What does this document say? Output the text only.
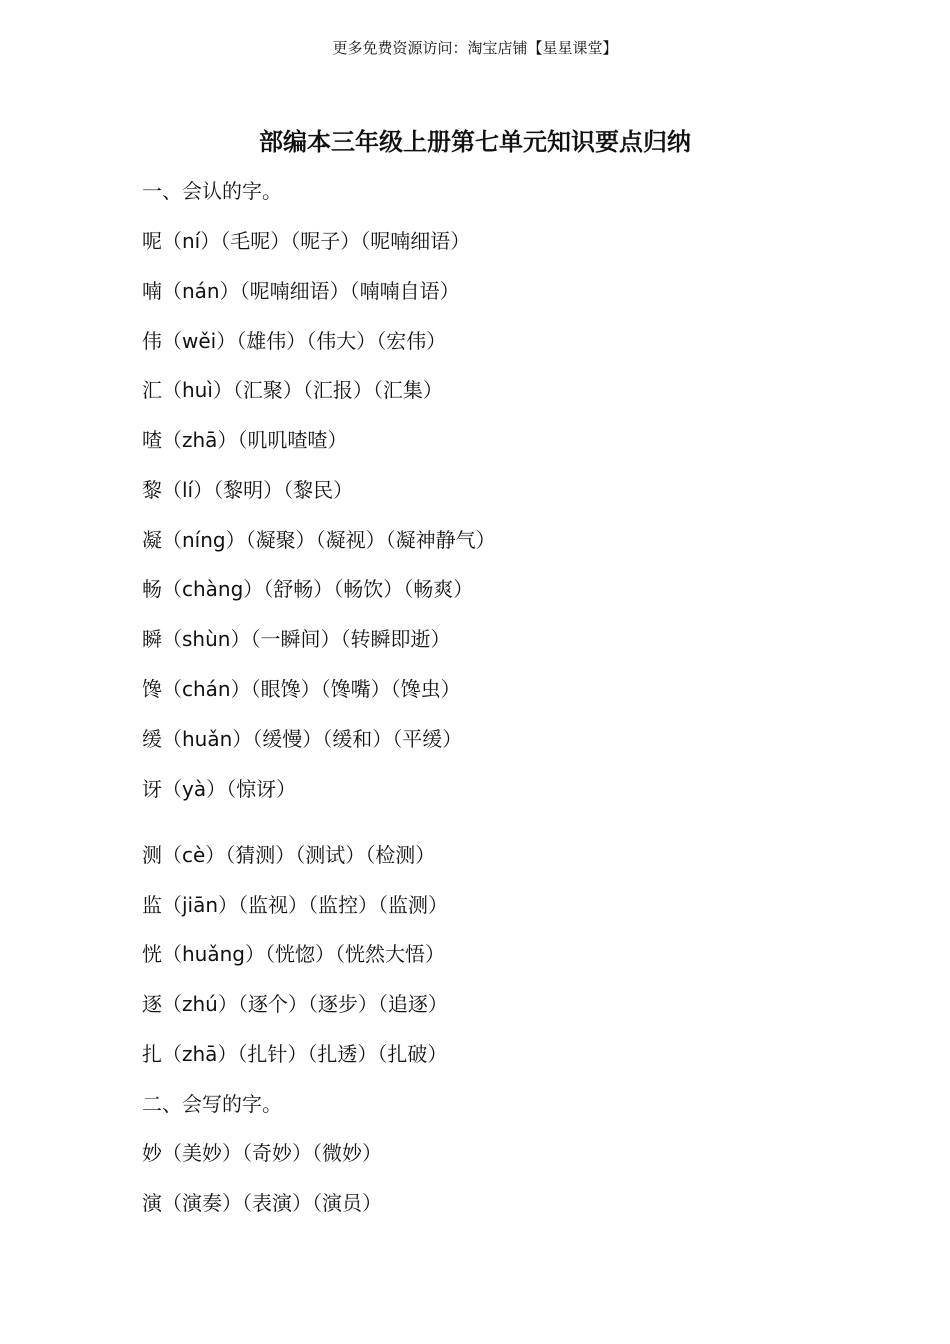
更多免费资源访问：淘宝店铺【星星课堂】
部编本三年级上册第七单元知识要点归纳
一、会认的字。
呢（ní）（毛呢）（呢子）（呢喃细语）
喃（nán）（呢喃细语）（喃喃自语）
伟（wěi）（雄伟）（伟大）（宏伟）
汇（huì）（汇聚）（汇报）（汇集）
喳（zhā）（叽叽喳喳）
黎（lí）（黎明）（黎民）
凝（níng）（凝聚）（凝视）（凝神静气）
畅（chàng）（舒畅）（畅饮）（畅爽）
瞬（shùn）（一瞬间）（转瞬即逝）
馋（chán）（眼馋）（馋嘴）（馋虫）
缓（huǎn）（缓慢）（缓和）（平缓）
讶（yà）（惊讶）
测（cè）（猜测）（测试）（检测）
监（jiān）（监视）（监控）（监测）
恍（huǎng）（恍惚）（恍然大悟）
逐（zhú）（逐个）（逐步）（追逐）
扎（zhā）（扎针）（扎透）（扎破）
二、会写的字。
妙（美妙）（奇妙）（微妙）
演（演奏）（表演）（演员）
